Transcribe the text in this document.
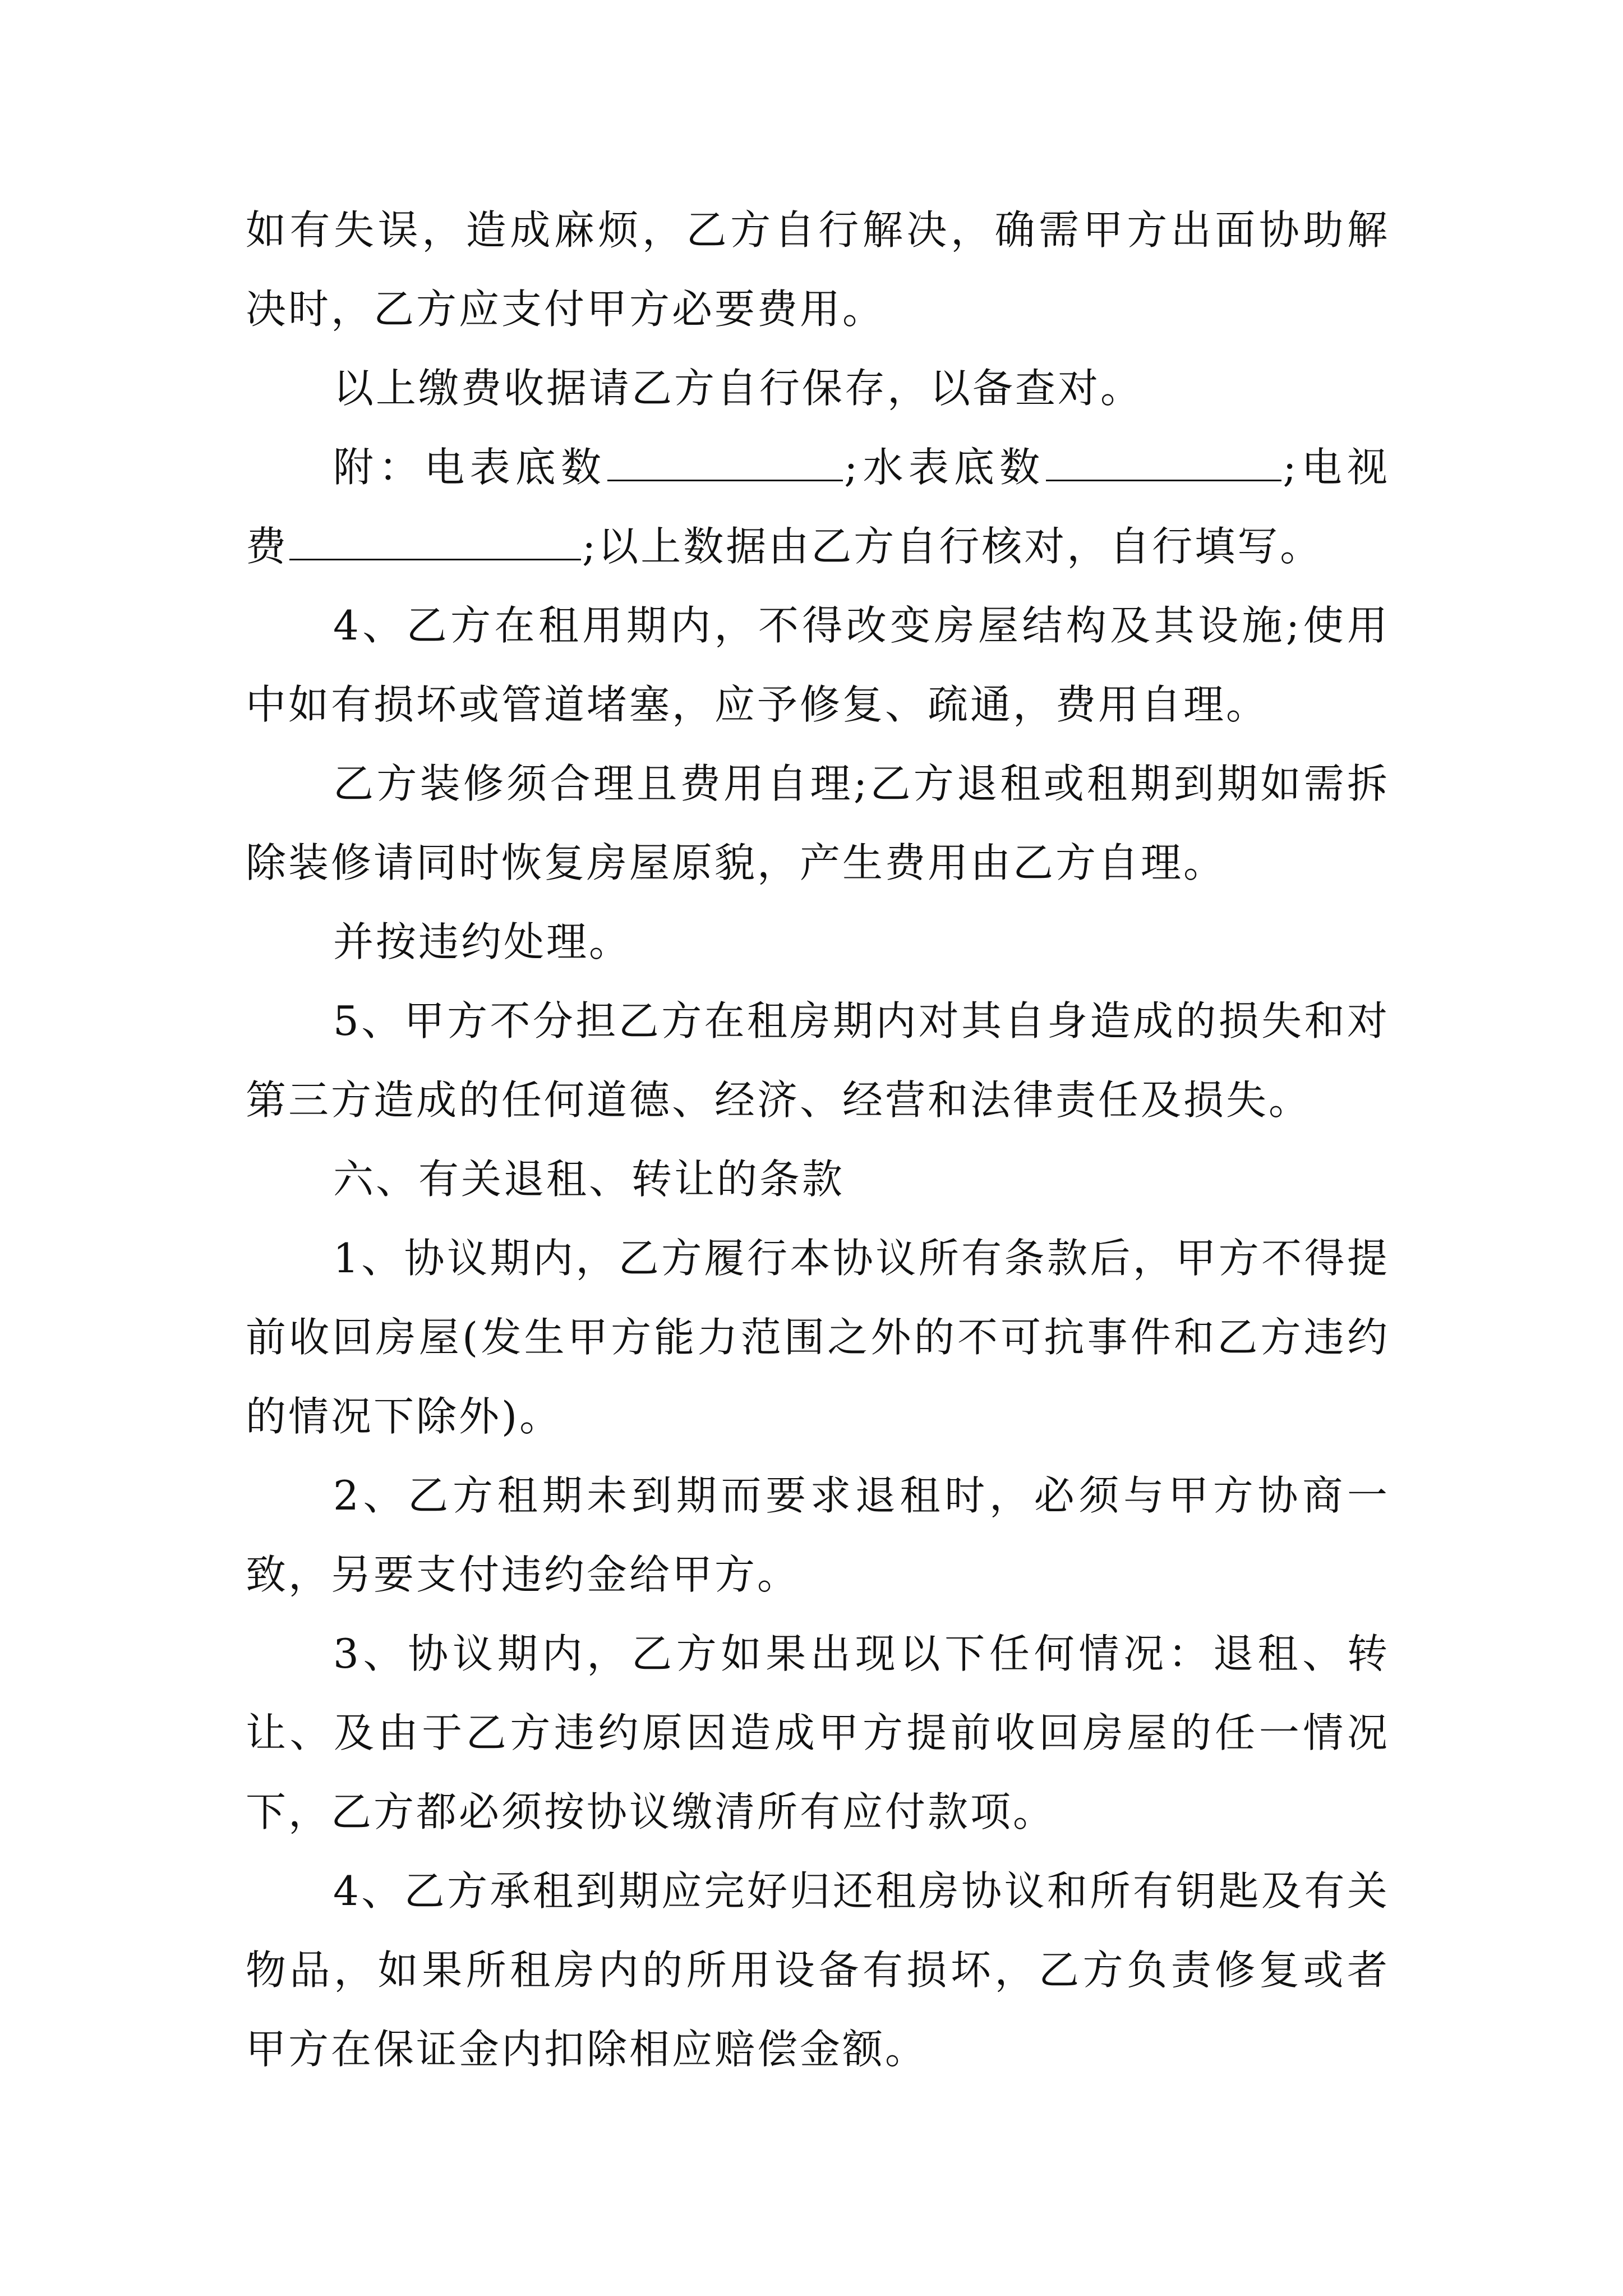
如有失误，造成麻烦，乙方自行解决，确需甲方出面协助解决时，乙方应支付甲方必要费用。

以上缴费收据请乙方自行保存，以备查对。

附：电表底数	;水表底数	;电视费	;以上数据由乙方自行核对，自行填写。

4、乙方在租用期内，不得改变房屋结构及其设施;使用中如有损坏或管道堵塞，应予修复、疏通，费用自理。

乙方装修须合理且费用自理;乙方退租或租期到期如需拆除装修请同时恢复房屋原貌，产生费用由乙方自理。

并按违约处理。

5、甲方不分担乙方在租房期内对其自身造成的损失和对第三方造成的任何道德、经济、经营和法律责任及损失。

六、有关退租、转让的条款

1、协议期内，乙方履行本协议所有条款后，甲方不得提前收回房屋(发生甲方能力范围之外的不可抗事件和乙方违约的情况下除外)。

2、乙方租期未到期而要求退租时，必须与甲方协商一致，另要支付违约金给甲方。

3、协议期内，乙方如果出现以下任何情况：退租、转让、及由于乙方违约原因造成甲方提前收回房屋的任一情况下，乙方都必须按协议缴清所有应付款项。

4、乙方承租到期应完好归还租房协议和所有钥匙及有关物品，如果所租房内的所用设备有损坏，乙方负责修复或者甲方在保证金内扣除相应赔偿金额。
